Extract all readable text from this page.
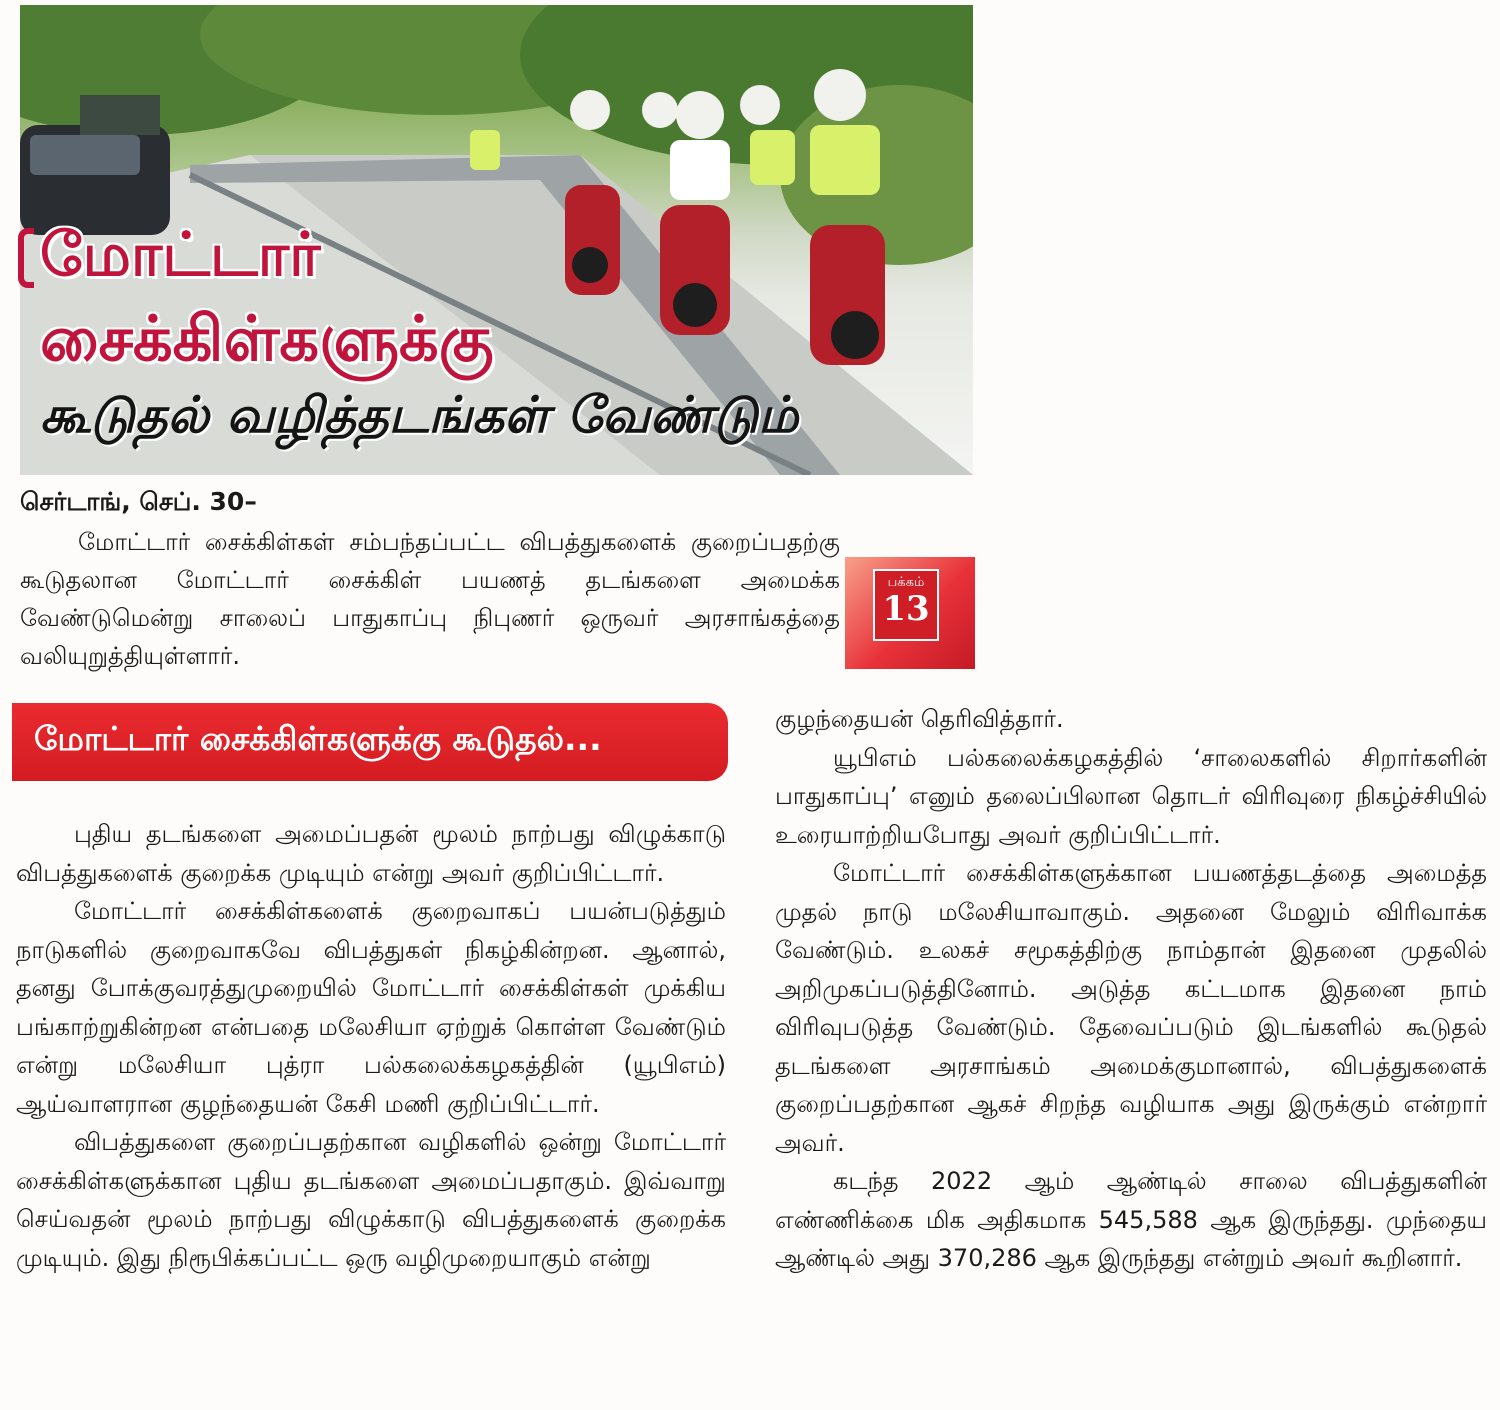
மோட்டார்
சைக்கிள்களுக்கு
கூடுதல் வழித்தடங்கள் வேண்டும்

செர்டாங், செப். 30–

மோட்டார் சைக்கிள்கள் சம்பந்தப்பட்ட விபத்துகளைக் குறைப்பதற்கு கூடுதலான மோட்டார் சைக்கிள் பயணத் தடங்களை அமைக்க வேண்டுமென்று சாலைப் பாதுகாப்பு நிபுணர் ஒருவர் அரசாங்கத்தை வலியுறுத்தியுள்ளார்.

பக்கம்
13
மோட்டார் சைக்கிள்களுக்கு கூடுதல்...

புதிய தடங்களை அமைப்பதன் மூலம் நாற்பது விழுக்காடு விபத்துகளைக் குறைக்க முடியும் என்று அவர் குறிப்பிட்டார்.

மோட்டார் சைக்கிள்களைக் குறைவாகப் பயன்படுத்தும் நாடுகளில் குறைவாகவே விபத்துகள் நிகழ்கின்றன. ஆனால், தனது போக்குவரத்துமுறையில் மோட்டார் சைக்கிள்கள் முக்கிய பங்காற்றுகின்றன என்பதை மலேசியா ஏற்றுக் கொள்ள வேண்டும் என்று மலேசியா புத்ரா பல்கலைக்கழகத்தின் (யூபிஎம்) ஆய்வாளரான குழந்தையன் கேசி மணி குறிப்பிட்டார்.

விபத்துகளை குறைப்பதற்கான வழிகளில் ஒன்று மோட்டார் சைக்கிள்களுக்கான புதிய தடங்களை அமைப்பதாகும். இவ்வாறு செய்வதன் மூலம் நாற்பது விழுக்காடு விபத்துகளைக் குறைக்க முடியும். இது நிரூபிக்கப்பட்ட ஒரு வழிமுறையாகும் என்று

குழந்தையன் தெரிவித்தார்.

யூபிஎம் பல்கலைக்கழகத்தில் ‘சாலைகளில் சிறார்களின் பாதுகாப்பு’ எனும் தலைப்பிலான தொடர் விரிவுரை நிகழ்ச்சியில் உரையாற்றியபோது அவர் குறிப்பிட்டார்.

மோட்டார் சைக்கிள்களுக்கான பயணத்தடத்தை அமைத்த முதல் நாடு மலேசியாவாகும். அதனை மேலும் விரிவாக்க வேண்டும். உலகச் சமூகத்திற்கு நாம்தான் இதனை முதலில் அறிமுகப்படுத்தினோம். அடுத்த கட்டமாக இதனை நாம் விரிவுபடுத்த வேண்டும். தேவைப்படும் இடங்களில் கூடுதல் தடங்களை அரசாங்கம் அமைக்குமானால், விபத்துகளைக் குறைப்பதற்கான ஆகச் சிறந்த வழியாக அது இருக்கும் என்றார் அவர்.

கடந்த 2022 ஆம் ஆண்டில் சாலை விபத்துகளின் எண்ணிக்கை மிக அதிகமாக 545,588 ஆக இருந்தது. முந்தைய ஆண்டில் அது 370,286 ஆக இருந்தது என்றும் அவர் கூறினார்.
